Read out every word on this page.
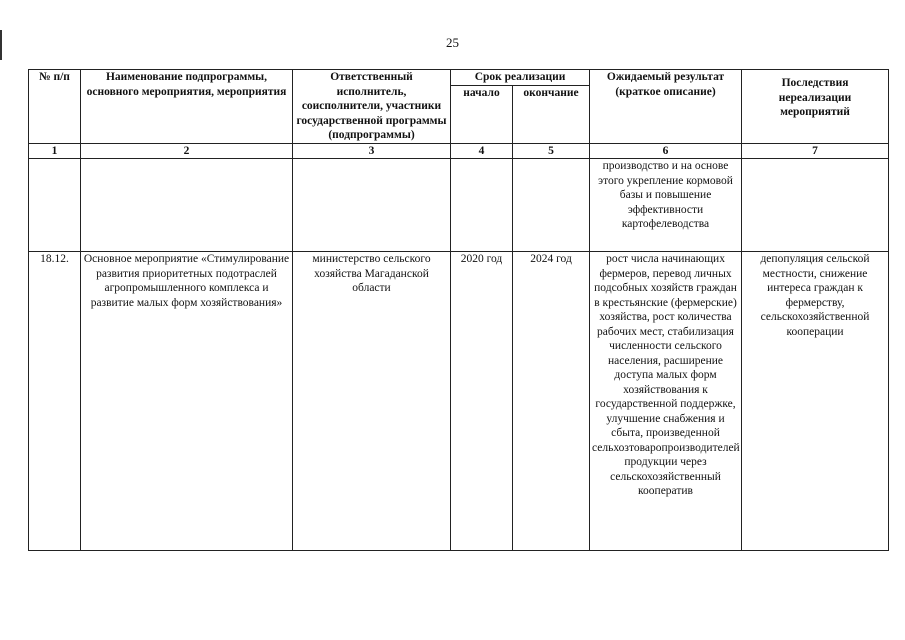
25
№ п/п	Наименование подпрограммы, основного мероприятия, мероприятия	Ответственный исполнитель, соисполнители, участники государственной программы (подпрограммы)	Срок реализации		Ожидаемый результат (краткое описание)	Последствия нереализации мероприятий
			начало	окончание		
1	2	3	4	5	6	7
					производство и на основе этого укрепление кормовой базы и повышение эффективности картофелеводства	
18.12.	Основное мероприятие «Стимулирование развития приоритетных подотраслей агропромышленного комплекса и развитие малых форм хозяйствования»	министерство сельского хозяйства Магаданской области	2020 год	2024 год	рост числа начинающих фермеров, перевод личных подсобных хозяйств граждан в крестьянские (фермерские) хозяйства, рост количества рабочих мест, стабилизация численности сельского населения, расширение доступа малых форм хозяйствования к государственной поддержке, улучшение снабжения и сбыта, произведенной сельхозтоваропроизводителей продукции через сельскохозяйственный кооператив	депопуляция сельской местности, снижение интереса граждан к фермерству, сельскохозяйственной кооперации
